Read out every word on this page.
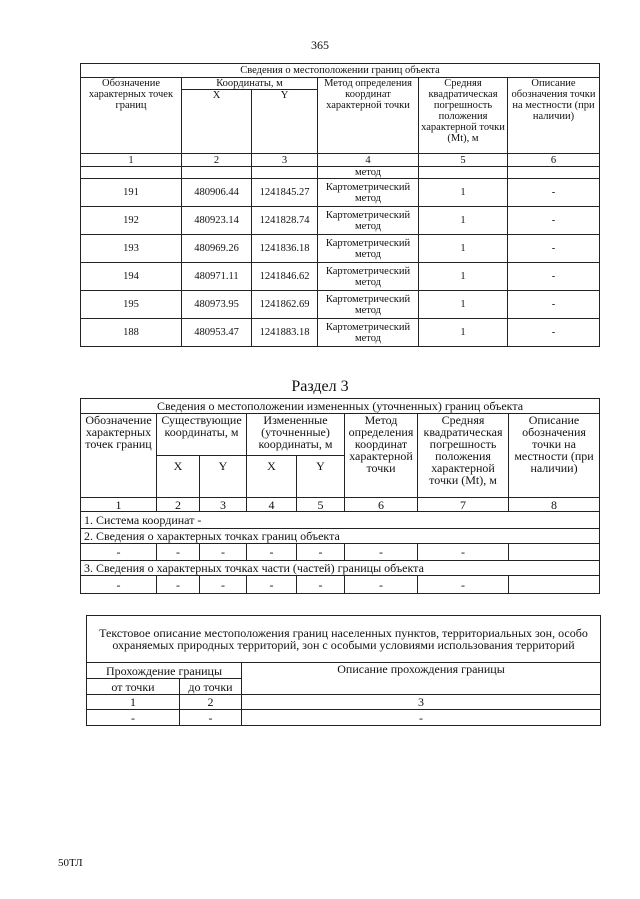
365
Сведения о местоположении границ объекта					
Обозначение характерных точек границ	Координаты, м		Метод определения координат характерной точки	Средняя квадратическая погрешность положения характерной точки (Mt), м	Описание обозначения точки на местности (при наличии)
	X	Y			
1	2	3	4	5	6
			метод		
191	480906.44	1241845.27	Картометрический метод	1	-
192	480923.14	1241828.74	Картометрический метод	1	-
193	480969.26	1241836.18	Картометрический метод	1	-
194	480971.11	1241846.62	Картометрический метод	1	-
195	480973.95	1241862.69	Картометрический метод	1	-
188	480953.47	1241883.18	Картометрический метод	1	-
Раздел 3
Сведения о местоположении измененных (уточненных) границ объекта							
Обозначение характерных точек границ	Существующие координаты, м		Измененные (уточненные) координаты, м		Метод определения координат характерной точки	Средняя квадратическая погрешность положения характерной точки (Mt), м	Описание обозначения точки на местности (при наличии)
	X	Y	X	Y			
1	2	3	4	5	6	7	8
1. Система координат -							
2. Сведения о характерных точках границ объекта							
-	-	-	-	-	-	-	
3. Сведения о характерных точках части (частей) границы объекта							
-	-	-	-	-	-	-	
Текстовое описание местоположения границ населенных пунктов, территориальных зон, особо охраняемых природных территорий, зон с особыми условиями использования территорий		
Прохождение границы		Описание прохождения границы
от точки	до точки	
1	2	3
-	-	-
50ТЛ
